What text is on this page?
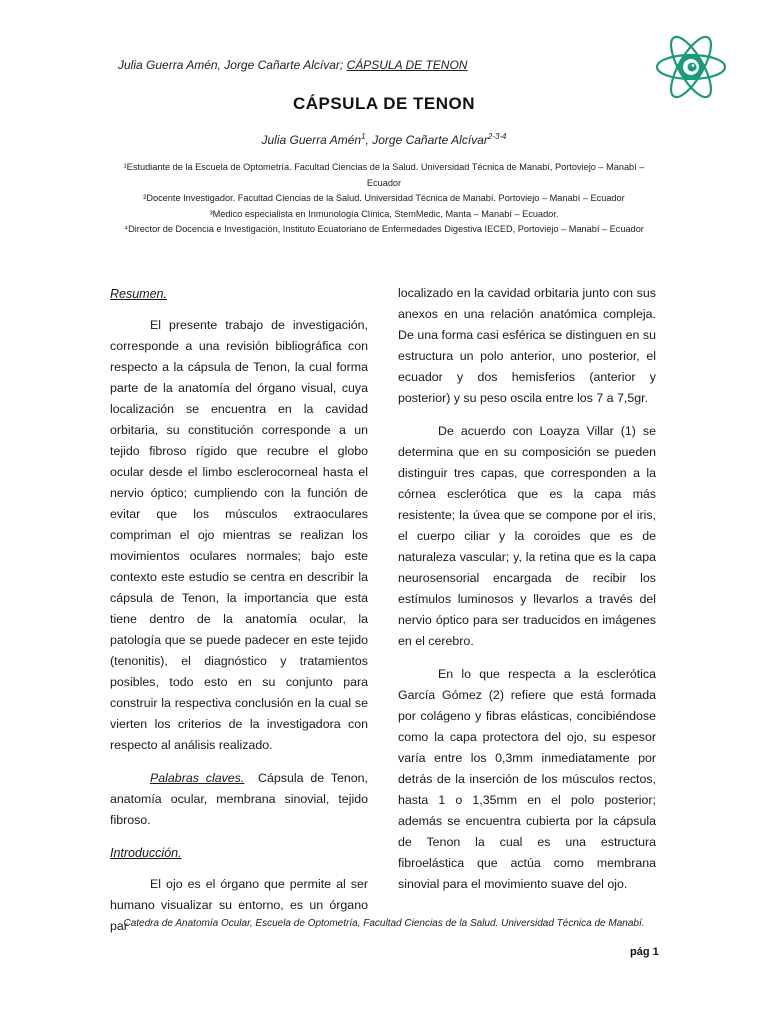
Julia Guerra Amén, Jorge Cañarte Alcívar; CÁPSULA DE TENON
CÁPSULA DE TENON
Julia Guerra Amén$^1$, Jorge Cañarte Alcívar$^{2-3-4}$
¹Estudiante de la Escuela de Optometría. Facultad Ciencias de la Salud. Universidad Técnica de Manabí, Portoviejo – Manabí – Ecuador
²Docente Investigador. Facultad Ciencias de la Salud. Universidad Técnica de Manabí. Portoviejo – Manabí – Ecuador
³Medico especialista en Inmunología Clínica, StemMedic, Manta – Manabí – Ecuador.
⁴Director de Docencia e Investigación, Instituto Ecuatoriano de Enfermedades Digestiva IECED, Portoviejo – Manabí – Ecuador
Resumen.

El presente trabajo de investigación, corresponde a una revisión bibliográfica con respecto a la cápsula de Tenon, la cual forma parte de la anatomía del órgano visual, cuya localización se encuentra en la cavidad orbitaria, su constitución corresponde a un tejido fibroso rígido que recubre el globo ocular desde el limbo esclerocorneal hasta el nervio óptico; cumpliendo con la función de evitar que los músculos extraoculares compriman el ojo mientras se realizan los movimientos oculares normales; bajo este contexto este estudio se centra en describir la cápsula de Tenon, la importancia que esta tiene dentro de la anatomía ocular, la patología que se puede padecer en este tejido (tenonitis), el diagnóstico y tratamientos posibles, todo esto en su conjunto para construir la respectiva conclusión en la cual se vierten los criterios de la investigadora con respecto al análisis realizado.

Palabras claves. Cápsula de Tenon, anatomía ocular, membrana sinovial, tejido fibroso.

Introducción.

El ojo es el órgano que permite al ser humano visualizar su entorno, es un órgano par

localizado en la cavidad orbitaria junto con sus anexos en una relación anatómica compleja. De una forma casi esférica se distinguen en su estructura un polo anterior, uno posterior, el ecuador y dos hemisferios (anterior y posterior) y su peso oscila entre los 7 a 7,5gr.

De acuerdo con Loayza Villar (1) se determina que en su composición se pueden distinguir tres capas, que corresponden a la córnea esclerótica que es la capa más resistente; la úvea que se compone por el iris, el cuerpo ciliar y la coroides que es de naturaleza vascular; y, la retina que es la capa neurosensorial encargada de recibir los estímulos luminosos y llevarlos a través del nervio óptico para ser traducidos en imágenes en el cerebro.

En lo que respecta a la esclerótica García Gómez (2) refiere que está formada por colágeno y fibras elásticas, concibiéndose como la capa protectora del ojo, su espesor varía entre los 0,3mm inmediatamente por detrás de la inserción de los músculos rectos, hasta 1 o 1,35mm en el polo posterior; además se encuentra cubierta por la cápsula de Tenon la cual es una estructura fibroelástica que actúa como membrana sinovial para el movimiento suave del ojo.

Catedra de Anatomía Ocular, Escuela de Optometría, Facultad Ciencias de la Salud. Universidad Técnica de Manabí.
pág 1
